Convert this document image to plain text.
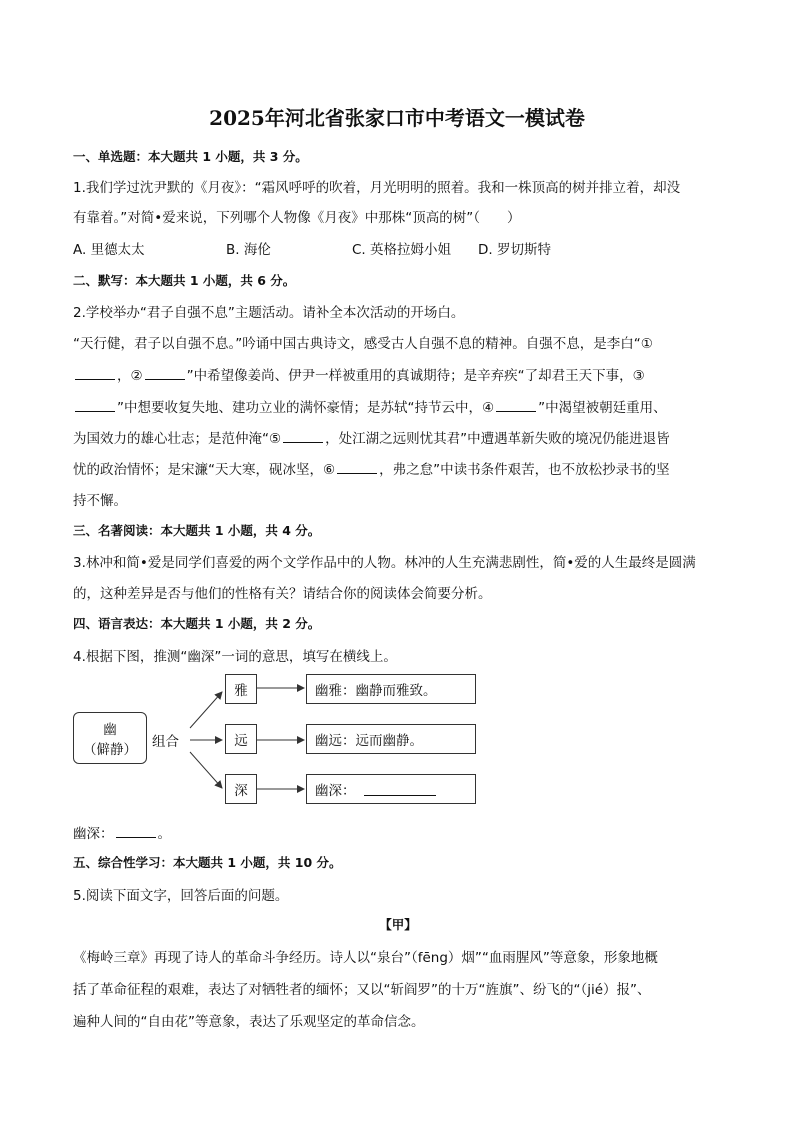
2025年河北省张家口市中考语文一模试卷
一、单选题：本大题共 1 小题，共 3 分。
1.我们学过沈尹默的《月夜》：“霜风呼呼的吹着，月光明明的照着。我和一株顶高的树并排立着，却没
有靠着。”对简•爱来说，下列哪个人物像《月夜》中那株“顶高的树”（　　）
A. 里德太太	B. 海伦	C. 英格拉姆小姐 D. 罗切斯特
二、默写：本大题共 1 小题，共 6 分。
2.学校举办“君子自强不息”主题活动。请补全本次活动的开场白。
“天行健，君子以自强不息。”吟诵中国古典诗文，感受古人自强不息的精神。自强不息，是李白“①
，②	”中希望像姜尚、伊尹一样被重用的真诚期待；是辛弃疾“了却君王天下事，③
”中想要收复失地、建功立业的满怀豪情；是苏轼“持节云中，④	”中渴望被朝廷重用、
为国效力的雄心壮志；是范仲淹“⑤	，处江湖之远则忧其君”中遭遇革新失败的境况仍能进退皆
忧的政治情怀；是宋濂“天大寒，砚冰坚，⑥	，弗之怠”中读书条件艰苦，也不放松抄录书的坚
持不懈。
三、名著阅读：本大题共 1 小题，共 4 分。
3.林冲和简•爱是同学们喜爱的两个文学作品中的人物。林冲的人生充满悲剧性，简•爱的人生最终是圆满
的，这种差异是否与他们的性格有关？请结合你的阅读体会简要分析。
四、语言表达：本大题共 1 小题，共 2 分。
4.根据下图，推测“幽深”一词的意思，填写在横线上。
幽
（僻静） 组合
雅
远
深
幽雅：幽静而雅致。
幽远：远而幽静。
幽深：
幽深：	。
五、综合性学习：本大题共 1 小题，共 10 分。
5.阅读下面文字，回答后面的问题。
【甲】
《梅岭三章》再现了诗人的革命斗争经历。诗人以“泉台”（fēng）烟”“血雨腥风”等意象，形象地概
括了革命征程的艰难，表达了对牺牲者的缅怀；又以“斩阎罗”的十万“旌旗”、纷飞的“（jié）报”、
遍种人间的“自由花”等意象，表达了乐观坚定的革命信念。
